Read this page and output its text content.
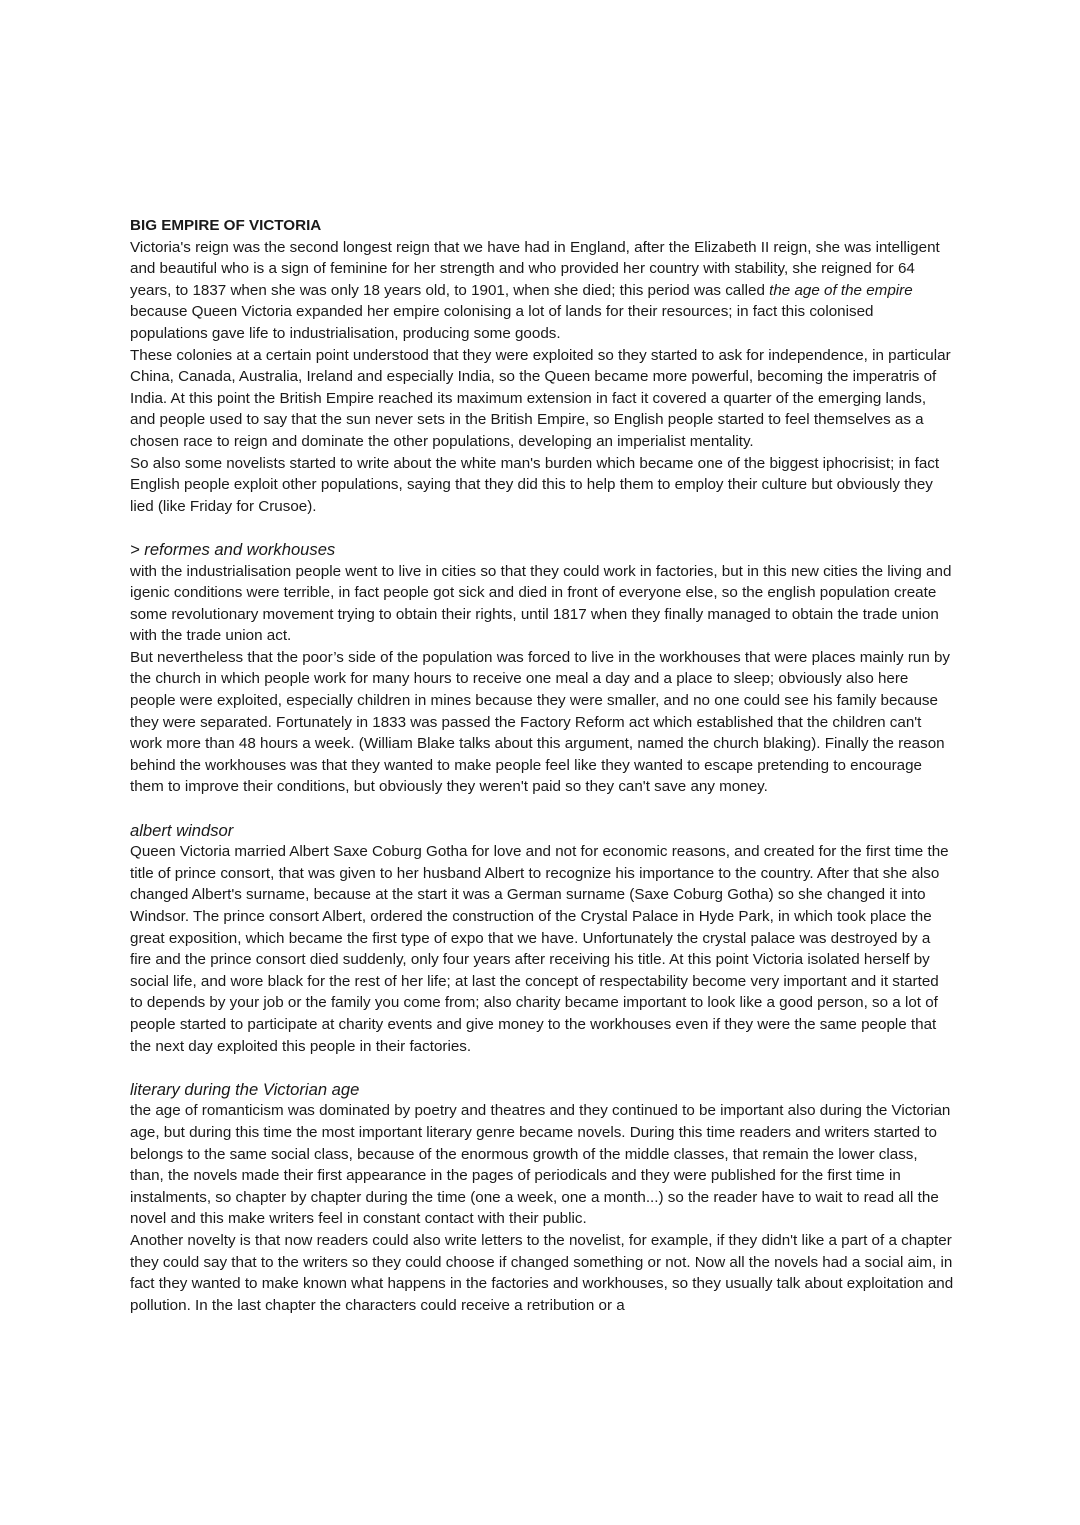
BIG EMPIRE OF VICTORIA

Victoria's reign was the second longest reign that we have had in England, after the Elizabeth II reign, she was intelligent and beautiful who is a sign of feminine for her strength and who provided her country with stability, she reigned for 64 years, to 1837 when she was only 18 years old, to 1901, when she died; this period was called the age of the empire because Queen Victoria expanded her empire colonising a lot of lands for their resources; in fact this colonised populations gave life to industrialisation, producing some goods.

These colonies at a certain point understood that they were exploited so they started to ask for independence, in particular China, Canada, Australia, Ireland and especially India, so the Queen became more powerful, becoming the imperatris of India. At this point the British Empire reached its maximum extension in fact it covered a quarter of the emerging lands, and people used to say that the sun never sets in the British Empire, so English people started to feel themselves as a chosen race to reign and dominate the other populations, developing an imperialist mentality.

So also some novelists started to write about the white man's burden which became one of the biggest iphocrisist; in fact English people exploit other populations, saying that they did this to help them to employ their culture but obviously they lied (like Friday for Crusoe).

> reformes and workhouses

with the industrialisation people went to live in cities so that they could work in factories, but in this new cities the living and igenic conditions were terrible, in fact people got sick and died in front of everyone else, so the english population create some revolutionary movement trying to obtain their rights, until 1817 when they finally managed to obtain the trade union with the trade union act.

But nevertheless that the poor’s side of the population was forced to live in the workhouses that were places mainly run by the church in which people work for many hours to receive one meal a day and a place to sleep; obviously also here people were exploited, especially children in mines because they were smaller, and no one could see his family because they were separated. Fortunately in 1833 was passed the Factory Reform act which established that the children can't work more than 48 hours a week. (William Blake talks about this argument, named the church blaking). Finally the reason behind the workhouses was that they wanted to make people feel like they wanted to escape pretending to encourage them to improve their conditions, but obviously they weren't paid so they can't save any money.

albert windsor

Queen Victoria married Albert Saxe Coburg Gotha for love and not for economic reasons, and created for the first time the title of prince consort, that was given to her husband Albert to recognize his importance to the country. After that she also changed Albert's surname, because at the start it was a German surname (Saxe Coburg Gotha) so she changed it into Windsor. The prince consort Albert, ordered the construction of the Crystal Palace in Hyde Park, in which took place the great exposition, which became the first type of expo that we have. Unfortunately the crystal palace was destroyed by a fire and the prince consort died suddenly, only four years after receiving his title. At this point Victoria isolated herself by social life, and wore black for the rest of her life; at last the concept of respectability become very important and it started to depends by your job or the family you come from; also charity became important to look like a good person, so a lot of people started to participate at charity events and give money to the workhouses even if they were the same people that the next day exploited this people in their factories.

literary during the Victorian age

the age of romanticism was dominated by poetry and theatres and they continued to be important also during the Victorian age, but during this time the most important literary genre became novels. During this time readers and writers started to belongs to the same social class, because of the enormous growth of the middle classes, that remain the lower class, than, the novels made their first appearance in the pages of periodicals and they were published for the first time in instalments, so chapter by chapter during the time (one a week, one a month...) so the reader have to wait to read all the novel and this make writers feel in constant contact with their public.

Another novelty is that now readers could also write letters to the novelist, for example, if they didn't like a part of a chapter they could say that to the writers so they could choose if changed something or not. Now all the novels had a social aim, in fact they wanted to make known what happens in the factories and workhouses, so they usually talk about exploitation and pollution. In the last chapter the characters could receive a retribution or a
